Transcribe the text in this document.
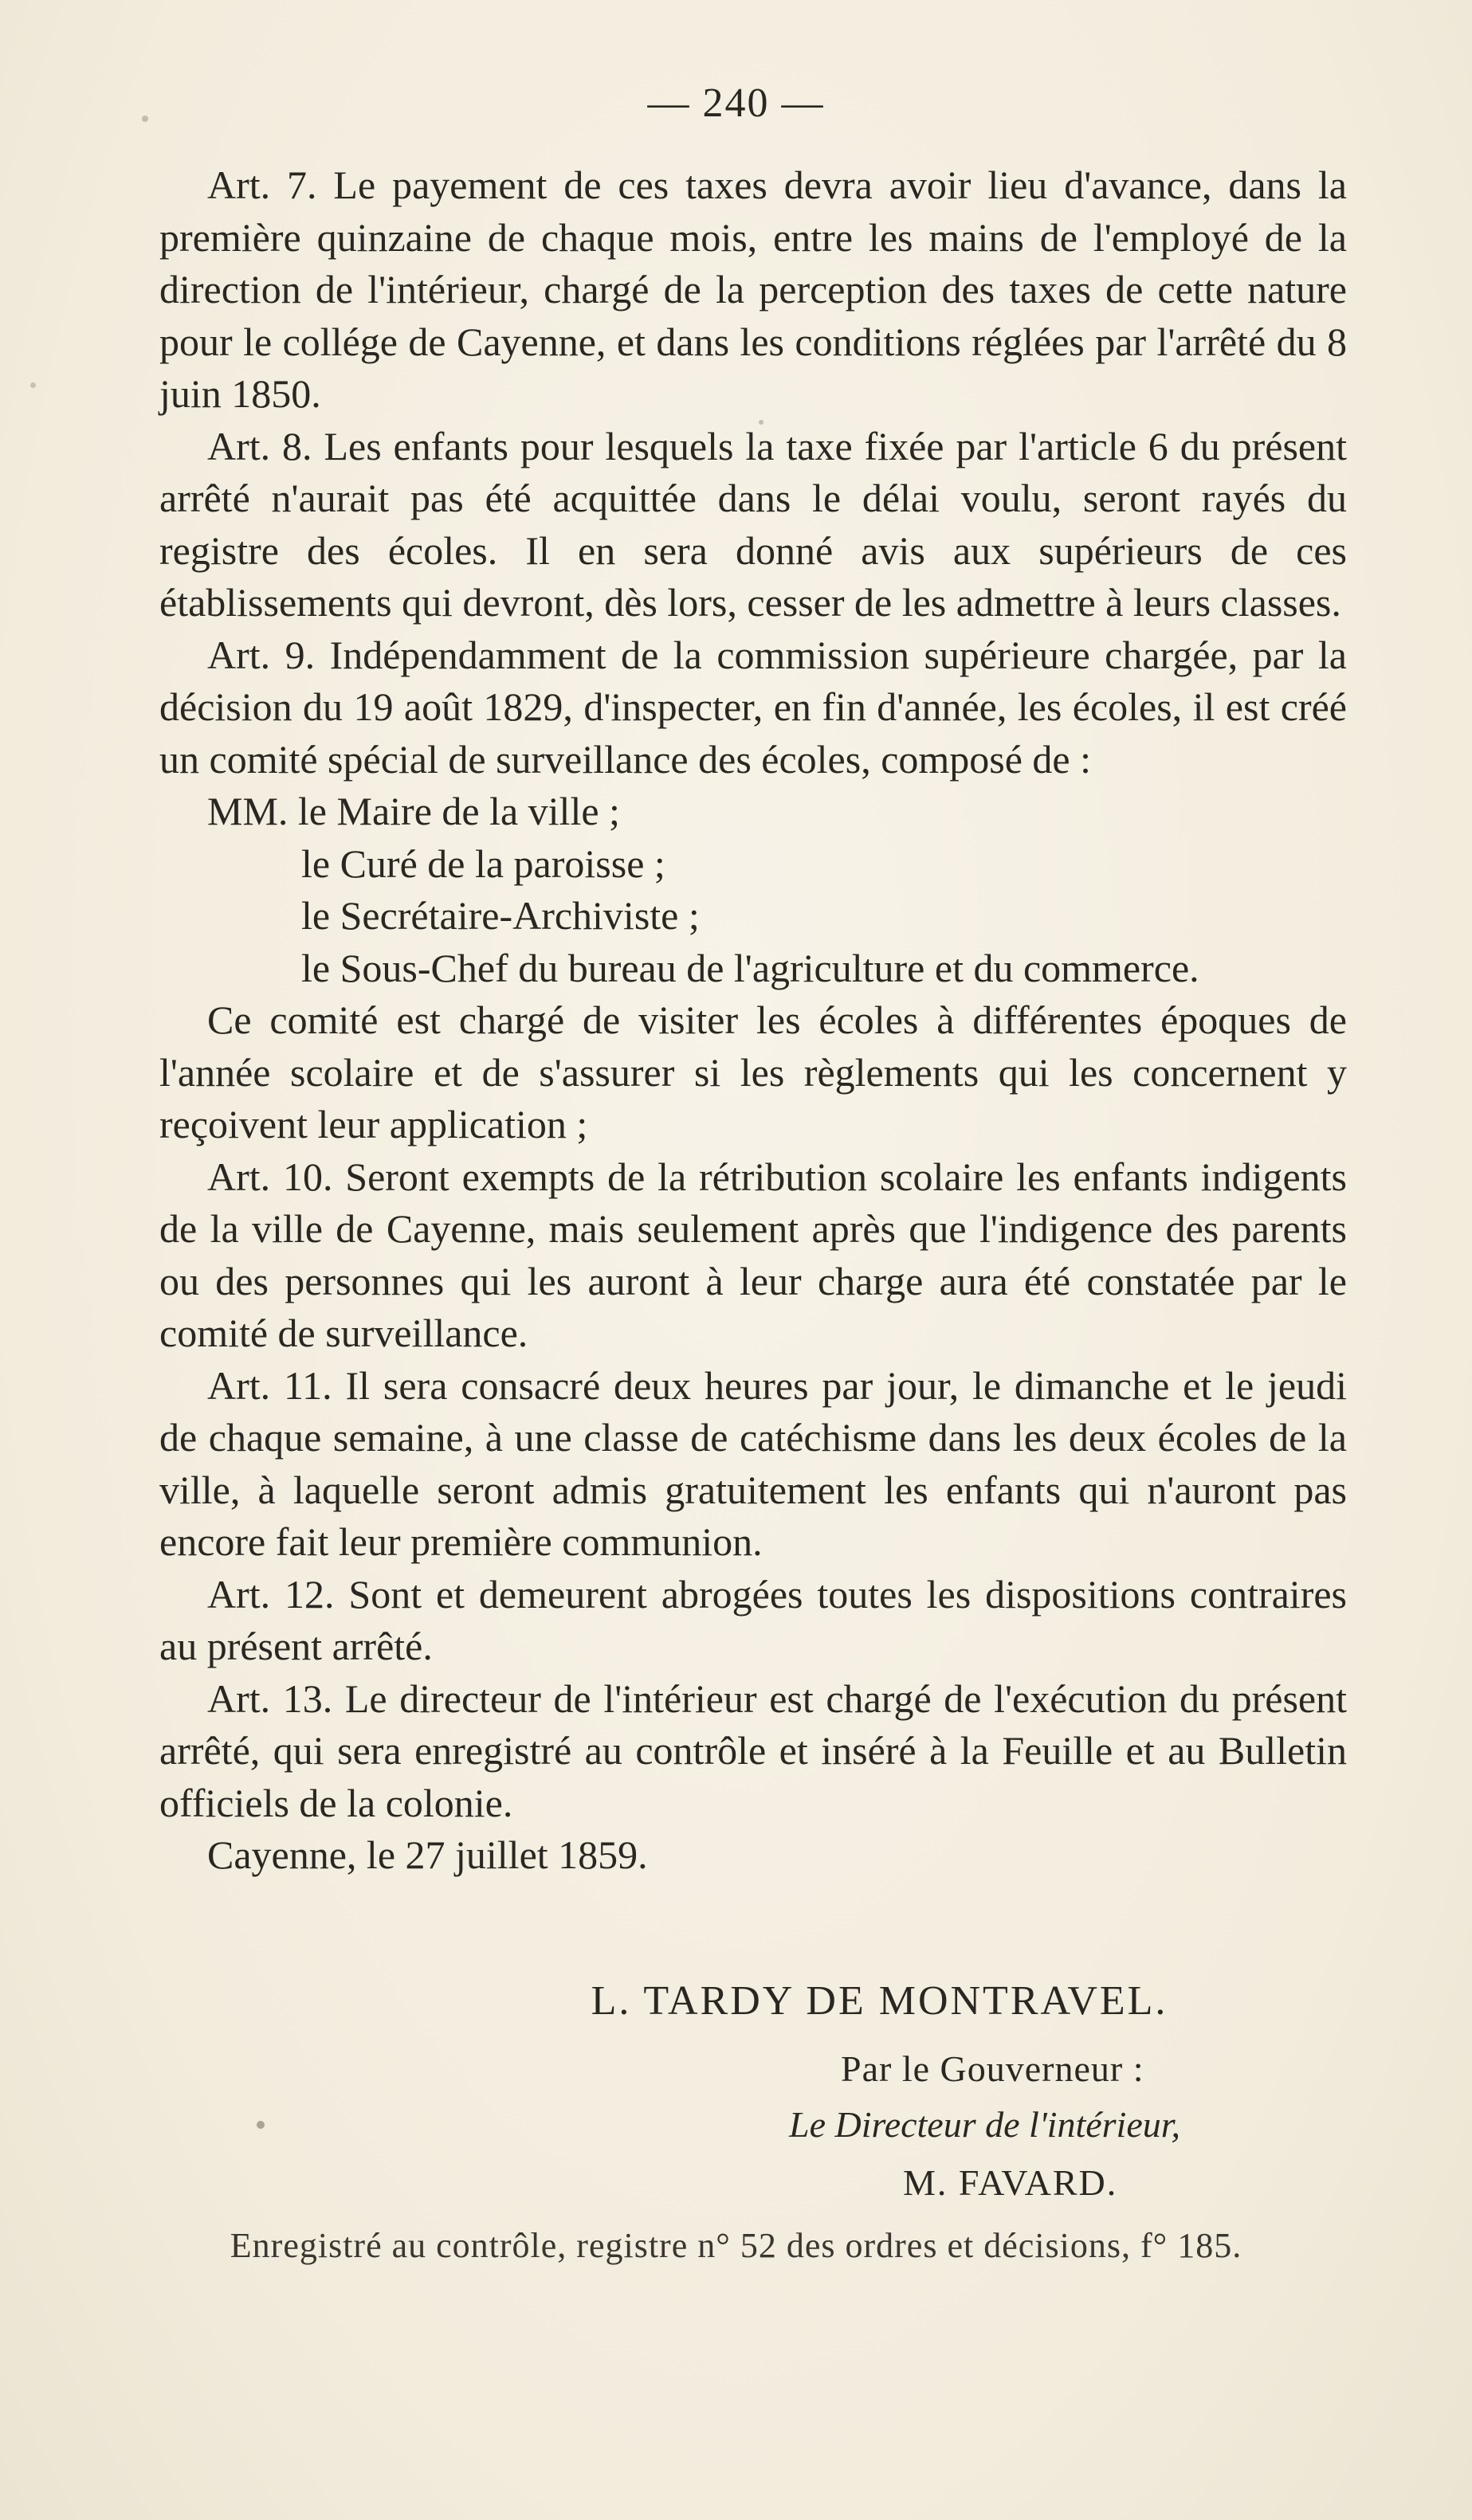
— 240 —

Art. 7. Le payement de ces taxes devra avoir lieu d'avance, dans la première quinzaine de chaque mois, entre les mains de l'employé de la direction de l'intérieur, chargé de la perception des taxes de cette nature pour le collége de Cayenne, et dans les conditions réglées par l'arrêté du 8 juin 1850.

Art. 8. Les enfants pour lesquels la taxe fixée par l'article 6 du présent arrêté n'aurait pas été acquittée dans le délai voulu, seront rayés du registre des écoles. Il en sera donné avis aux supérieurs de ces établissements qui devront, dès lors, cesser de les admettre à leurs classes.

Art. 9. Indépendamment de la commission supérieure chargée, par la décision du 19 août 1829, d'inspecter, en fin d'année, les écoles, il est créé un comité spécial de surveillance des écoles, composé de :

MM. le Maire de la ville ;

le Curé de la paroisse ;

le Secrétaire-Archiviste ;

le Sous-Chef du bureau de l'agriculture et du commerce.

Ce comité est chargé de visiter les écoles à différentes époques de l'année scolaire et de s'assurer si les règlements qui les concernent y reçoivent leur application ;

Art. 10. Seront exempts de la rétribution scolaire les enfants indigents de la ville de Cayenne, mais seulement après que l'indigence des parents ou des personnes qui les auront à leur charge aura été constatée par le comité de surveillance.

Art. 11. Il sera consacré deux heures par jour, le dimanche et le jeudi de chaque semaine, à une classe de catéchisme dans les deux écoles de la ville, à laquelle seront admis gratuitement les enfants qui n'auront pas encore fait leur première communion.

Art. 12. Sont et demeurent abrogées toutes les dispositions contraires au présent arrêté.

Art. 13. Le directeur de l'intérieur est chargé de l'exécution du présent arrêté, qui sera enregistré au contrôle et inséré à la Feuille et au Bulletin officiels de la colonie.

Cayenne, le 27 juillet 1859.

L. TARDY DE MONTRAVEL.
Par le Gouverneur :
Le Directeur de l'intérieur,
M. FAVARD.
Enregistré au contrôle, registre n° 52 des ordres et décisions, f° 185.
